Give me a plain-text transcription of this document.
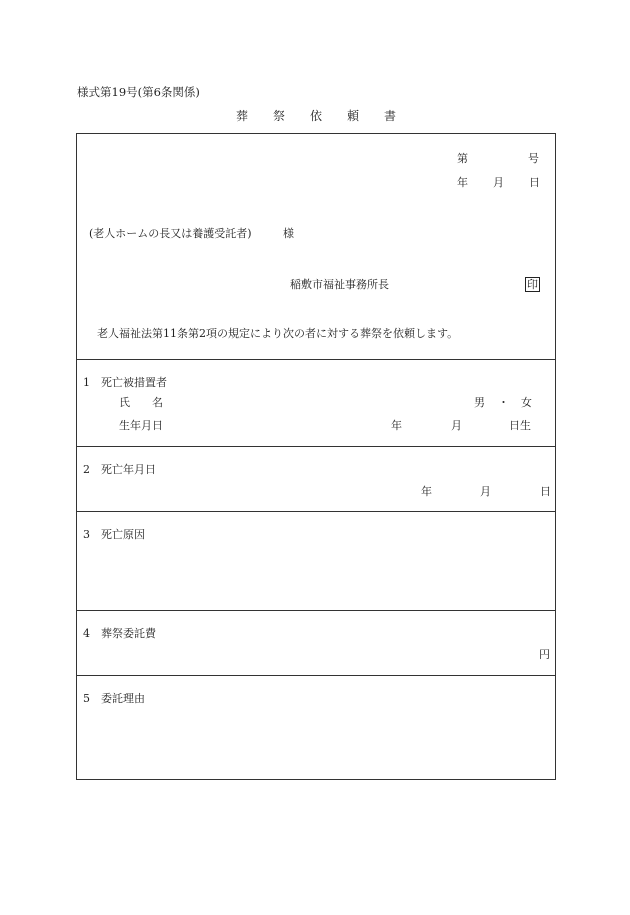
様式第19号(第6条関係)
葬祭依頼書
第	号
年 月 日
(老人ホームの長又は養護受託者)	様
稲敷市福祉事務所長	印
老人福祉法第11条第2項の規定により次の者に対する葬祭を依頼します。
1 死亡被措置者
氏　　名	男 ・ 女
生年月日	年	月	日生
2 死亡年月日
年	月	日
3 死亡原因
4 葬祭委託費
円
5 委託理由
